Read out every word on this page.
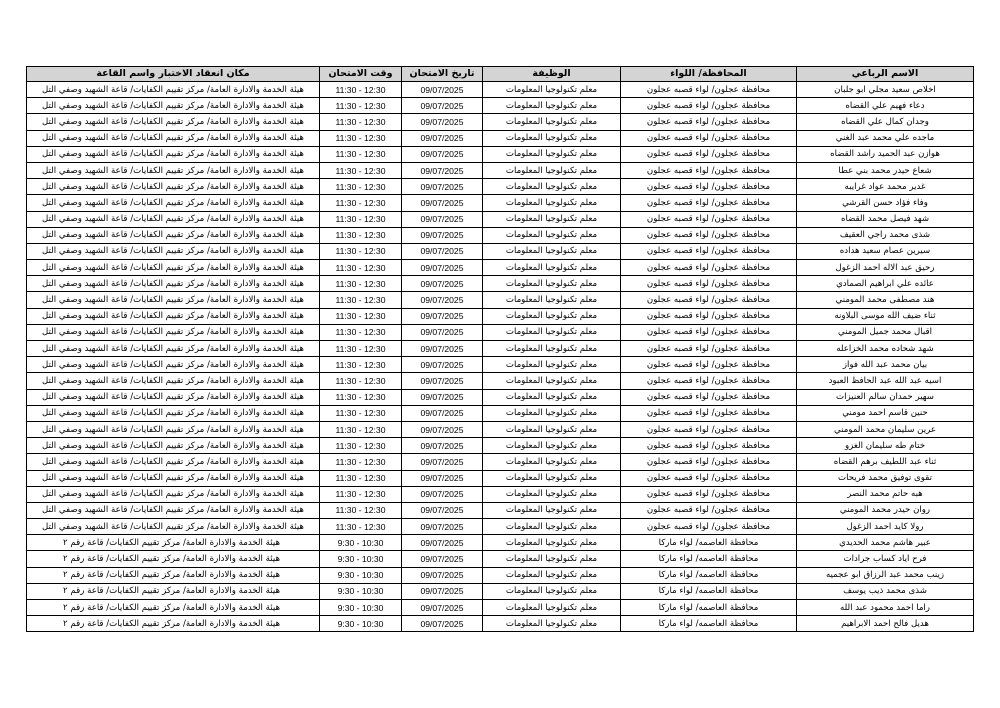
الاسم الرباعي	المحافظة/ اللواء	الوظيفة	تاريخ الامتحان	وقت الامتحان	مكان انعقاد الاختبار واسم القاعة
اخلاص سعيد مجلي ابو جلبان	محافظة عجلون/ لواء قصبه عجلون	معلم تكنولوجيا المعلومات	09/07/2025	11:30 - 12:30	هيئة الخدمة والادارة العامة/ مركز تقييم الكفايات/ قاعة الشهيد وصفي التل
دعاء فهيم علي القضاه	محافظة عجلون/ لواء قصبه عجلون	معلم تكنولوجيا المعلومات	09/07/2025	11:30 - 12:30	هيئة الخدمة والادارة العامة/ مركز تقييم الكفايات/ قاعة الشهيد وصفي التل
وجدان كمال علي القضاه	محافظة عجلون/ لواء قصبه عجلون	معلم تكنولوجيا المعلومات	09/07/2025	11:30 - 12:30	هيئة الخدمة والادارة العامة/ مركز تقييم الكفايات/ قاعة الشهيد وصفي التل
ماجده علي محمد عبد الغني	محافظة عجلون/ لواء قصبه عجلون	معلم تكنولوجيا المعلومات	09/07/2025	11:30 - 12:30	هيئة الخدمة والادارة العامة/ مركز تقييم الكفايات/ قاعة الشهيد وصفي التل
هوازن عبد الحميد راشد القضاه	محافظة عجلون/ لواء قصبه عجلون	معلم تكنولوجيا المعلومات	09/07/2025	11:30 - 12:30	هيئة الخدمة والادارة العامة/ مركز تقييم الكفايات/ قاعة الشهيد وصفي التل
شعاع حيدر محمد بني عطا	محافظة عجلون/ لواء قصبه عجلون	معلم تكنولوجيا المعلومات	09/07/2025	11:30 - 12:30	هيئة الخدمة والادارة العامة/ مركز تقييم الكفايات/ قاعة الشهيد وصفي التل
غدير محمد عواد غرايبه	محافظة عجلون/ لواء قصبه عجلون	معلم تكنولوجيا المعلومات	09/07/2025	11:30 - 12:30	هيئة الخدمة والادارة العامة/ مركز تقييم الكفايات/ قاعة الشهيد وصفي التل
وفاء فؤاد حسن القرشي	محافظة عجلون/ لواء قصبه عجلون	معلم تكنولوجيا المعلومات	09/07/2025	11:30 - 12:30	هيئة الخدمة والادارة العامة/ مركز تقييم الكفايات/ قاعة الشهيد وصفي التل
شهد فيصل محمد القضاه	محافظة عجلون/ لواء قصبه عجلون	معلم تكنولوجيا المعلومات	09/07/2025	11:30 - 12:30	هيئة الخدمة والادارة العامة/ مركز تقييم الكفايات/ قاعة الشهيد وصفي التل
شذى محمد راجي العقيف	محافظة عجلون/ لواء قصبه عجلون	معلم تكنولوجيا المعلومات	09/07/2025	11:30 - 12:30	هيئة الخدمة والادارة العامة/ مركز تقييم الكفايات/ قاعة الشهيد وصفي التل
سيرين عصام سعيد هداده	محافظة عجلون/ لواء قصبه عجلون	معلم تكنولوجيا المعلومات	09/07/2025	11:30 - 12:30	هيئة الخدمة والادارة العامة/ مركز تقييم الكفايات/ قاعة الشهيد وصفي التل
رحيق عبد الاله احمد الزغول	محافظة عجلون/ لواء قصبه عجلون	معلم تكنولوجيا المعلومات	09/07/2025	11:30 - 12:30	هيئة الخدمة والادارة العامة/ مركز تقييم الكفايات/ قاعة الشهيد وصفي التل
عائده علي ابراهيم الصمادي	محافظة عجلون/ لواء قصبه عجلون	معلم تكنولوجيا المعلومات	09/07/2025	11:30 - 12:30	هيئة الخدمة والادارة العامة/ مركز تقييم الكفايات/ قاعة الشهيد وصفي التل
هند مصطفى محمد المومني	محافظة عجلون/ لواء قصبه عجلون	معلم تكنولوجيا المعلومات	09/07/2025	11:30 - 12:30	هيئة الخدمة والادارة العامة/ مركز تقييم الكفايات/ قاعة الشهيد وصفي التل
ثناء ضيف الله موسى البلاونه	محافظة عجلون/ لواء قصبه عجلون	معلم تكنولوجيا المعلومات	09/07/2025	11:30 - 12:30	هيئة الخدمة والادارة العامة/ مركز تقييم الكفايات/ قاعة الشهيد وصفي التل
اقبال محمد جميل المومني	محافظة عجلون/ لواء قصبه عجلون	معلم تكنولوجيا المعلومات	09/07/2025	11:30 - 12:30	هيئة الخدمة والادارة العامة/ مركز تقييم الكفايات/ قاعة الشهيد وصفي التل
شهد شحاده محمد الخزاعله	محافظة عجلون/ لواء قصبه عجلون	معلم تكنولوجيا المعلومات	09/07/2025	11:30 - 12:30	هيئة الخدمة والادارة العامة/ مركز تقييم الكفايات/ قاعة الشهيد وصفي التل
بيان محمد عبد الله فواز	محافظة عجلون/ لواء قصبه عجلون	معلم تكنولوجيا المعلومات	09/07/2025	11:30 - 12:30	هيئة الخدمة والادارة العامة/ مركز تقييم الكفايات/ قاعة الشهيد وصفي التل
اسيه عبد الله عبد الحافظ العبود	محافظة عجلون/ لواء قصبه عجلون	معلم تكنولوجيا المعلومات	09/07/2025	11:30 - 12:30	هيئة الخدمة والادارة العامة/ مركز تقييم الكفايات/ قاعة الشهيد وصفي التل
سهير حمدان سالم العنيزات	محافظة عجلون/ لواء قصبه عجلون	معلم تكنولوجيا المعلومات	09/07/2025	11:30 - 12:30	هيئة الخدمة والادارة العامة/ مركز تقييم الكفايات/ قاعة الشهيد وصفي التل
حنين قاسم احمد مومني	محافظة عجلون/ لواء قصبه عجلون	معلم تكنولوجيا المعلومات	09/07/2025	11:30 - 12:30	هيئة الخدمة والادارة العامة/ مركز تقييم الكفايات/ قاعة الشهيد وصفي التل
عرين سليمان محمد المومني	محافظة عجلون/ لواء قصبه عجلون	معلم تكنولوجيا المعلومات	09/07/2025	11:30 - 12:30	هيئة الخدمة والادارة العامة/ مركز تقييم الكفايات/ قاعة الشهيد وصفي التل
ختام طه سليمان الغزو	محافظة عجلون/ لواء قصبه عجلون	معلم تكنولوجيا المعلومات	09/07/2025	11:30 - 12:30	هيئة الخدمة والادارة العامة/ مركز تقييم الكفايات/ قاعة الشهيد وصفي التل
ثناء عبد اللطيف برهم القضاه	محافظة عجلون/ لواء قصبه عجلون	معلم تكنولوجيا المعلومات	09/07/2025	11:30 - 12:30	هيئة الخدمة والادارة العامة/ مركز تقييم الكفايات/ قاعة الشهيد وصفي التل
تقوى توفيق محمد فريحات	محافظة عجلون/ لواء قصبه عجلون	معلم تكنولوجيا المعلومات	09/07/2025	11:30 - 12:30	هيئة الخدمة والادارة العامة/ مركز تقييم الكفايات/ قاعة الشهيد وصفي التل
هبه حاتم محمد النصر	محافظة عجلون/ لواء قصبه عجلون	معلم تكنولوجيا المعلومات	09/07/2025	11:30 - 12:30	هيئة الخدمة والادارة العامة/ مركز تقييم الكفايات/ قاعة الشهيد وصفي التل
روان حيدر محمد المومني	محافظة عجلون/ لواء قصبه عجلون	معلم تكنولوجيا المعلومات	09/07/2025	11:30 - 12:30	هيئة الخدمة والادارة العامة/ مركز تقييم الكفايات/ قاعة الشهيد وصفي التل
رولا كايد احمد الزغول	محافظة عجلون/ لواء قصبه عجلون	معلم تكنولوجيا المعلومات	09/07/2025	11:30 - 12:30	هيئة الخدمة والادارة العامة/ مركز تقييم الكفايات/ قاعة الشهيد وصفي التل
عبير هاشم محمد الحديدي	محافظة العاصمه/ لواء ماركا	معلم تكنولوجيا المعلومات	09/07/2025	9:30 - 10:30	هيئة الخدمة والادارة العامة/ مركز تقييم الكفايات/ قاعة رقم ٢
فرح اياد كساب جرادات	محافظة العاصمه/ لواء ماركا	معلم تكنولوجيا المعلومات	09/07/2025	9:30 - 10:30	هيئة الخدمة والادارة العامة/ مركز تقييم الكفايات/ قاعة رقم ٢
زينب محمد عبد الرزاق ابو عجميه	محافظة العاصمه/ لواء ماركا	معلم تكنولوجيا المعلومات	09/07/2025	9:30 - 10:30	هيئة الخدمة والادارة العامة/ مركز تقييم الكفايات/ قاعة رقم ٢
شذى محمد ذيب يوسف	محافظة العاصمه/ لواء ماركا	معلم تكنولوجيا المعلومات	09/07/2025	9:30 - 10:30	هيئة الخدمة والادارة العامة/ مركز تقييم الكفايات/ قاعة رقم ٢
راما احمد محمود عبد الله	محافظة العاصمه/ لواء ماركا	معلم تكنولوجيا المعلومات	09/07/2025	9:30 - 10:30	هيئة الخدمة والادارة العامة/ مركز تقييم الكفايات/ قاعة رقم ٢
هديل فالح احمد الابراهيم	محافظة العاصمه/ لواء ماركا	معلم تكنولوجيا المعلومات	09/07/2025	9:30 - 10:30	هيئة الخدمة والادارة العامة/ مركز تقييم الكفايات/ قاعة رقم ٢
